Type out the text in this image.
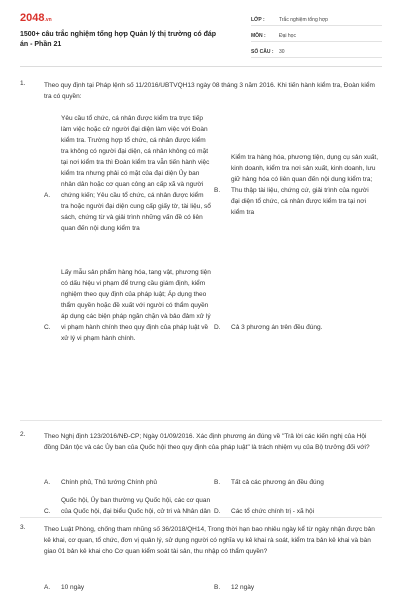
2048.vn
1500+ câu trắc nghiệm tổng hợp Quản lý thị trường có đáp án - Phần 21
LỚP :	Trắc nghiệm tổng hợp
MÔN :	Đại học
SỐ CÂU :	30
1.	Theo quy định tại Pháp lệnh số 11/2016/UBTVQH13 ngày 08 tháng 3 năm 2016. Khi tiến hành kiểm tra, Đoàn kiểm tra có quyền:
A.
Yêu cầu tổ chức, cá nhân được kiểm tra trực tiếp làm việc hoặc cử người đại diện làm việc với Đoàn kiểm tra. Trường hợp tổ chức, cá nhân được kiểm tra không có người đại diện, cá nhân không có mặt tại nơi kiểm tra thì Đoàn kiểm tra vẫn tiến hành việc kiểm tra nhưng phải có mặt của đại diện Ủy ban nhân dân hoặc cơ quan công an cấp xã và người chứng kiến; Yêu cầu tổ chức, cá nhân được kiểm tra hoặc người đại diện cung cấp giấy tờ, tài liệu, sổ sách, chứng từ và giải trình những vấn đề có liên quan đến nội dung kiểm tra
B.
Kiểm tra hàng hóa, phương tiện, dụng cụ sản xuất, kinh doanh, kiểm tra nơi sản xuất, kinh doanh, lưu giữ hàng hóa có liên quan đến nội dung kiểm tra; Thu thập tài liệu, chứng cứ, giải trình của người đại diện tổ chức, cá nhân được kiểm tra tại nơi kiểm tra
C.
Lấy mẫu sản phẩm hàng hóa, tang vật, phương tiện có dấu hiệu vi phạm để trưng cầu giám định, kiểm nghiệm theo quy định của pháp luật; Áp dụng theo thẩm quyền hoặc đề xuất với người có thẩm quyền áp dụng các biện pháp ngăn chặn và bảo đảm xử lý vi phạm hành chính theo quy định của pháp luật về xử lý vi phạm hành chính.
D. Cả 3 phương án trên đều đúng.
2.	Theo Nghị định 123/2016/NĐ-CP; Ngày 01/09/2016. Xác định phương án đúng về "Trả lời các kiến nghị của Hội đồng Dân tộc và các Ủy ban của Quốc hội theo quy định của pháp luật" là trách nhiệm vụ của Bộ trưởng đối với?
A. Chính phủ, Thủ tướng Chính phủ	B. Tất cả các phương án đều đúng
C.
Quốc hội, Ủy ban thường vụ Quốc hội, các cơ quan của Quốc hội, đại biểu Quốc hội, cử tri và Nhân dân D. Các tổ chức chính trị - xã hội
3.	Theo Luật Phòng, chống tham nhũng số 36/2018/QH14, Trong thời hạn bao nhiêu ngày kể từ ngày nhận được bản kê khai, cơ quan, tổ chức, đơn vị quản lý, sử dụng người có nghĩa vụ kê khai rà soát, kiểm tra bản kê khai và bàn giao 01 bản kê khai cho Cơ quan kiểm soát tài sản, thu nhập có thẩm quyền?
A. 10 ngày	B. 12 ngày
